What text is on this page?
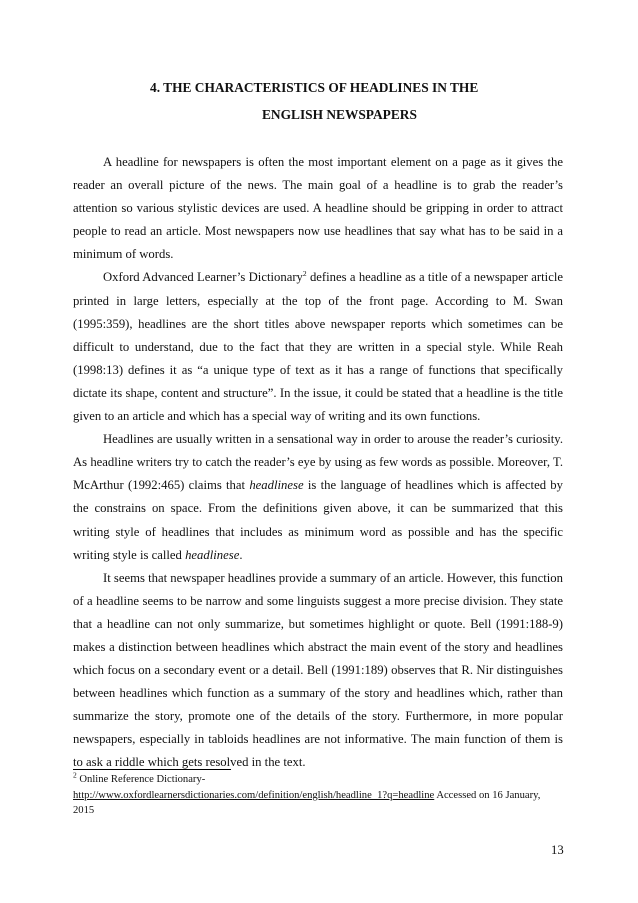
4. THE CHARACTERISTICS OF HEADLINES IN THE
ENGLISH NEWSPAPERS

A headline for newspapers is often the most important element on a page as it gives the reader an overall picture of the news. The main goal of a headline is to grab the reader’s attention so various stylistic devices are used. A headline should be gripping in order to attract people to read an article. Most newspapers now use headlines that say what has to be said in a minimum of words.

Oxford Advanced Learner’s Dictionary$^2$ defines a headline as a title of a newspaper article printed in large letters, especially at the top of the front page. According to M. Swan (1995:359), headlines are the short titles above newspaper reports which sometimes can be difficult to understand, due to the fact that they are written in a special style. While Reah (1998:13) defines it as “a unique type of text as it has a range of functions that specifically dictate its shape, content and structure”. In the issue, it could be stated that a headline is the title given to an article and which has a special way of writing and its own functions.

Headlines are usually written in a sensational way in order to arouse the reader’s curiosity. As headline writers try to catch the reader’s eye by using as few words as possible. Moreover, T. McArthur (1992:465) claims that headlinese is the language of headlines which is affected by the constrains on space. From the definitions given above, it can be summarized that this writing style of headlines that includes as minimum word as possible and has the specific writing style is called headlinese.

It seems that newspaper headlines provide a summary of an article. However, this function of a headline seems to be narrow and some linguists suggest a more precise division. They state that a headline can not only summarize, but sometimes highlight or quote. Bell (1991:188-9) makes a distinction between headlines which abstract the main event of the story and headlines which focus on a secondary event or a detail. Bell (1991:189) observes that R. Nir distinguishes between headlines which function as a summary of the story and headlines which, rather than summarize the story, promote one of the details of the story. Furthermore, in more popular newspapers, especially in tabloids headlines are not informative. The main function of them is to ask a riddle which gets resolved in the text.

$^2$ Online Reference Dictionary-
http://www.oxfordlearnersdictionaries.com/definition/english/headline_1?q=headline Accessed on 16 January, 2015
13
